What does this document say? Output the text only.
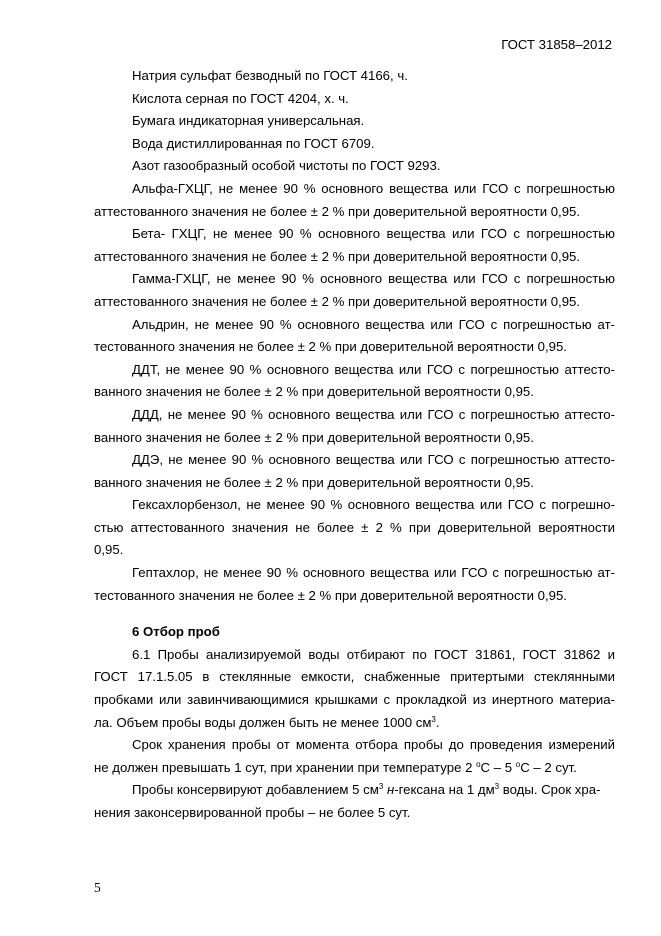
ГОСТ 31858–2012
Натрия сульфат безводный по ГОСТ 4166, ч.
Кислота серная по ГОСТ 4204, х. ч.
Бумага индикаторная универсальная.
Вода дистиллированная по ГОСТ 6709.
Азот газообразный особой чистоты по ГОСТ 9293.
Альфа-ГХЦГ, не менее 90 % основного вещества или ГСО с погрешностью
аттестованного значения не более ± 2 % при доверительной вероятности 0,95.
Бета- ГХЦГ, не менее 90 % основного вещества или ГСО с погрешностью
аттестованного значения не более ± 2 % при доверительной вероятности 0,95.
Гамма-ГХЦГ, не менее 90 % основного вещества или ГСО с погрешностью
аттестованного значения не более ± 2 % при доверительной вероятности 0,95.
Альдрин, не менее 90 % основного вещества или ГСО с погрешностью ат-
тестованного значения не более ± 2 % при доверительной вероятности 0,95.
ДДТ, не менее 90 % основного вещества или ГСО с погрешностью аттесто-
ванного значения не более ± 2 % при доверительной вероятности 0,95.
ДДД, не менее 90 % основного вещества или ГСО с погрешностью аттесто-
ванного значения не более ± 2 % при доверительной вероятности 0,95.
ДДЭ, не менее 90 % основного вещества или ГСО с погрешностью аттесто-
ванного значения не более ± 2 % при доверительной вероятности 0,95.
Гексахлорбензол, не менее 90 % основного вещества или ГСО с погрешно-
стью аттестованного значения не более ± 2 % при доверительной вероятности
0,95.
Гептахлор, не менее 90 % основного вещества или ГСО с погрешностью ат-
тестованного значения не более ± 2 % при доверительной вероятности 0,95.
6 Отбор проб
6.1 Пробы анализируемой воды отбирают по ГОСТ 31861, ГОСТ 31862 и
ГОСТ 17.1.5.05 в стеклянные емкости, снабженные притертыми стеклянными
пробками или завинчивающимися крышками с прокладкой из инертного материа-
ла. Объем пробы воды должен быть не менее 1000 $см^3$.
Срок хранения пробы от момента отбора пробы до проведения измерений
не должен превышать 1 сут, при хранении при температуре 2 $^о$С – 5 $^о$С – 2 сут.
Пробы консервируют добавлением 5 $см^3$ н-гексана на 1 $дм^3$ воды. Срок хра-
нения законсервированной пробы – не более 5 сут.
5
